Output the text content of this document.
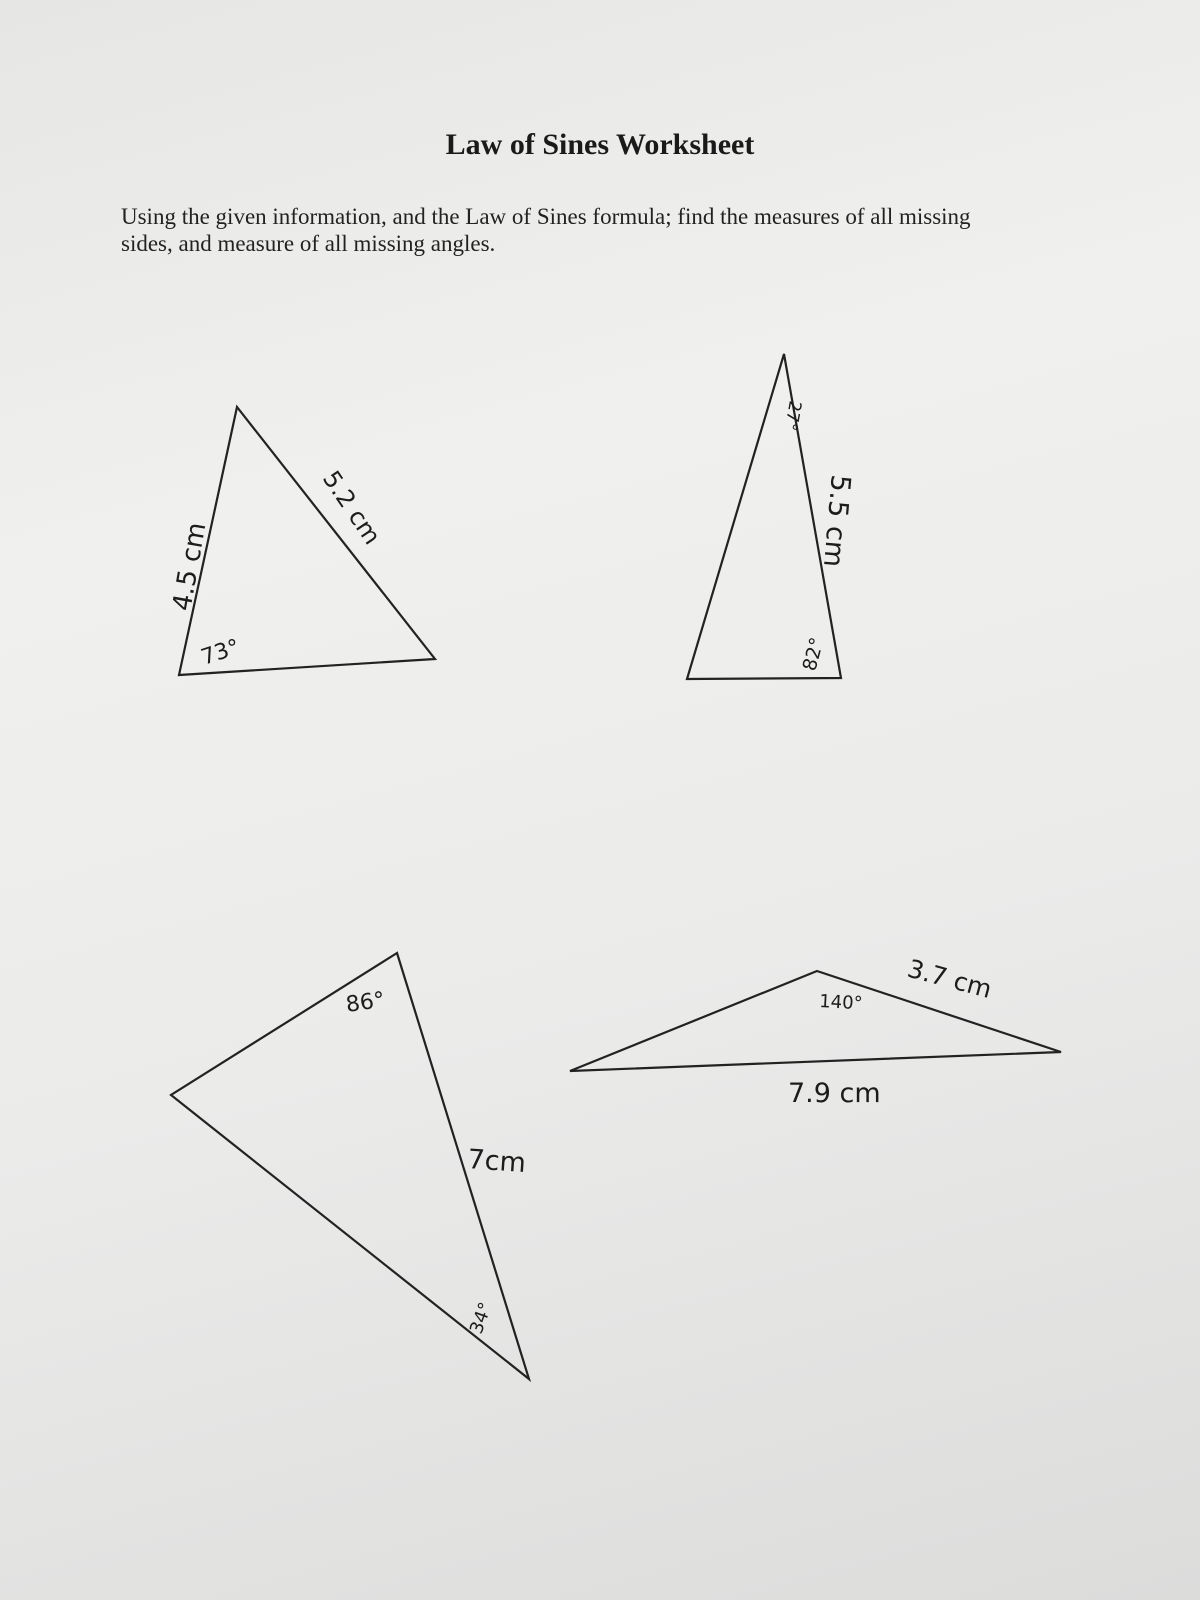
Law of Sines Worksheet
Using the given information, and the Law of Sines formula; find the measures of all missing sides, and measure of all missing angles.
4.5 cm
5.2 cm
73°
27°
5.5 cm
82°
86°
7cm
34°
3.7 cm
140°
7.9 cm
